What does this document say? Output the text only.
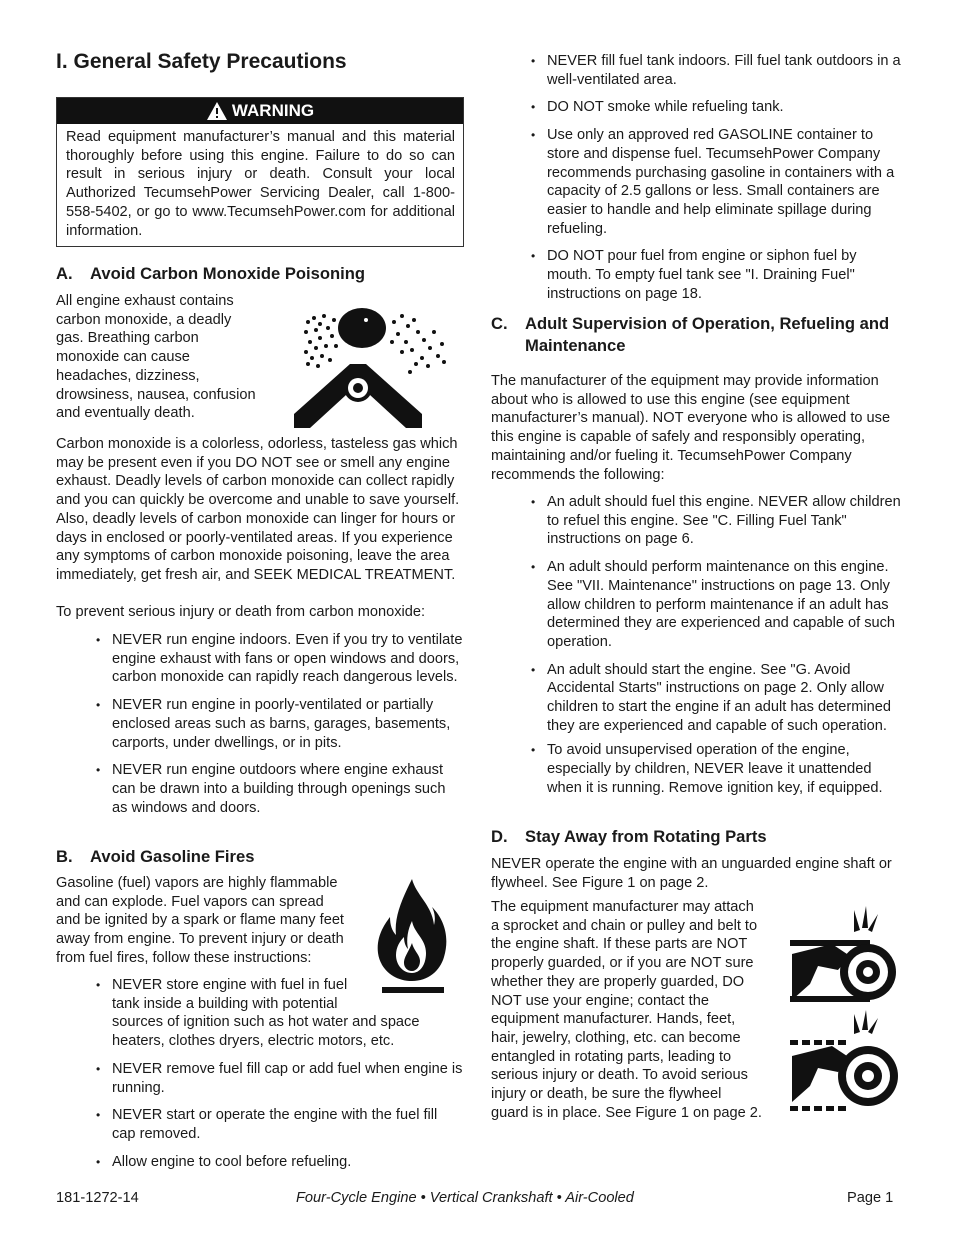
I. General Safety Precautions
WARNING

Read equipment manufacturer’s manual and this material thoroughly before using this engine. Failure to do so can result in serious injury or death. Consult your local Authorized TecumsehPower Servicing Dealer, call 1-800-558-5402, or go to www.TecumsehPower.com for additional information.

A. Avoid Carbon Monoxide Poisoning
All engine exhaust contains
carbon monoxide, a deadly
gas. Breathing carbon
monoxide can cause
headaches, dizziness,
drowsiness, nausea, confusion
and eventually death.

Carbon monoxide is a colorless, odorless, tasteless gas which may be present even if you DO NOT see or smell any engine exhaust. Deadly levels of carbon monoxide can collect rapidly and you can quickly be overcome and unable to save yourself. Also, deadly levels of carbon monoxide can linger for hours or days in enclosed or poorly-ventilated areas. If you experience any symptoms of carbon monoxide poisoning, leave the area immediately, get fresh air, and SEEK MEDICAL TREATMENT.

To prevent serious injury or death from carbon monoxide:

• NEVER run engine indoors. Even if you try to ventilate engine exhaust with fans or open windows and doors, carbon monoxide can rapidly reach dangerous levels.
• NEVER run engine in poorly-ventilated or partially enclosed areas such as barns, garages, basements, carports, under dwellings, or in pits.
• NEVER run engine outdoors where engine exhaust can be drawn into a building through openings such as windows and doors.
B. Avoid Gasoline Fires
Gasoline (fuel) vapors are highly flammable
and can explode. Fuel vapors can spread
and be ignited by a spark or flame many feet
away from engine. To prevent injury or death
from fuel fires, follow these instructions:
• NEVER store engine with fuel in fuel
tank inside a building with potential
sources of ignition such as hot water and space
heaters, clothes dryers, electric motors, etc.
• NEVER remove fuel fill cap or add fuel when engine is running.
• NEVER start or operate the engine with the fuel fill cap removed.
• Allow engine to cool before refueling.
• NEVER fill fuel tank indoors. Fill fuel tank outdoors in a well-ventilated area.
• DO NOT smoke while refueling tank.
• Use only an approved red GASOLINE container to store and dispense fuel. TecumsehPower Company recommends purchasing gasoline in containers with a capacity of 2.5 gallons or less. Small containers are easier to handle and help eliminate spillage during refueling.
• DO NOT pour fuel from engine or siphon fuel by mouth. To empty fuel tank see "I. Draining Fuel" instructions on page 18.
C.	Adult Supervision of Operation, Refueling and Maintenance

The manufacturer of the equipment may provide information about who is allowed to use this engine (see equipment manufacturer’s manual). NOT everyone who is allowed to use this engine is capable of safely and responsibly operating, maintaining and/or fueling it. TecumsehPower Company recommends the following:

• An adult should fuel this engine. NEVER allow children to refuel this engine. See "C. Filling Fuel Tank" instructions on page 6.
• An adult should perform maintenance on this engine. See "VII. Maintenance" instructions on page 13. Only allow children to perform maintenance if an adult has determined they are experienced and capable of such operation.
• An adult should start the engine. See "G. Avoid Accidental Starts" instructions on page 2. Only allow children to start the engine if an adult has determined they are experienced and capable of such operation.
• To avoid unsupervised operation of the engine, especially by children, NEVER leave it unattended when it is running. Remove ignition key, if equipped.
D. Stay Away from Rotating Parts

NEVER operate the engine with an unguarded engine shaft or flywheel. See Figure 1 on page 2.

The equipment manufacturer may attach
a sprocket and chain or pulley and belt to
the engine shaft. If these parts are NOT
properly guarded, or if you are NOT sure
whether they are properly guarded, DO
NOT use your engine; contact the
equipment manufacturer. Hands, feet,
hair, jewelry, clothing, etc. can become
entangled in rotating parts, leading to
serious injury or death. To avoid serious
injury or death, be sure the flywheel
guard is in place. See Figure 1 on page 2.
181-1272-14	Four-Cycle Engine • Vertical Crankshaft • Air-Cooled	Page 1
